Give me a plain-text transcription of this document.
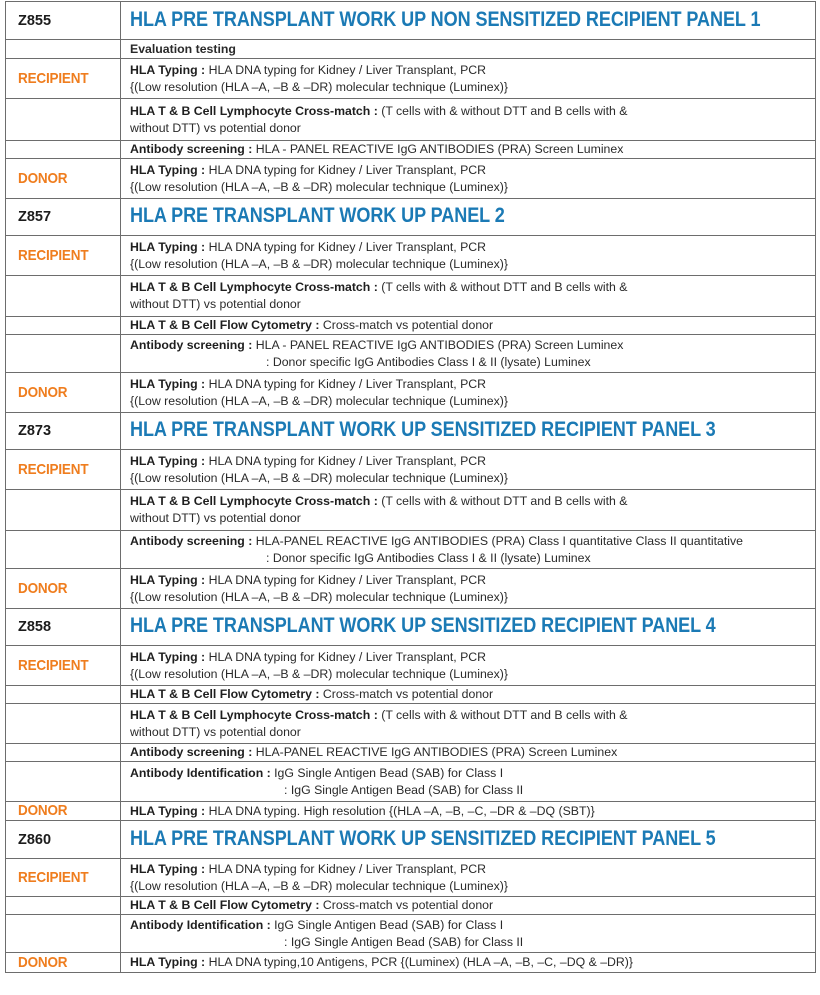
Z855	HLA PRE TRANSPLANT WORK UP NON SENSITIZED RECIPIENT PANEL 1
	Evaluation testing
RECIPIENT	HLA Typing : HLA DNA typing for Kidney / Liver Transplant, PCR
{(Low resolution (HLA –A, –B & –DR) molecular technique (Luminex)}

	HLA T & B Cell Lymphocyte Cross-match : (T cells with & without DTT and B cells with &
without DTT) vs potential donor

	Antibody screening : HLA - PANEL REACTIVE IgG ANTIBODIES (PRA) Screen Luminex
DONOR	HLA Typing : HLA DNA typing for Kidney / Liver Transplant, PCR
{(Low resolution (HLA –A, –B & –DR) molecular technique (Luminex)}

Z857	HLA PRE TRANSPLANT WORK UP PANEL 2
RECIPIENT	HLA Typing : HLA DNA typing for Kidney / Liver Transplant, PCR
{(Low resolution (HLA –A, –B & –DR) molecular technique (Luminex)}

	HLA T & B Cell Lymphocyte Cross-match : (T cells with & without DTT and B cells with &
without DTT) vs potential donor

	HLA T & B Cell Flow Cytometry : Cross-match vs potential donor
	Antibody screening : HLA - PANEL REACTIVE IgG ANTIBODIES (PRA) Screen Luminex
: Donor specific IgG Antibodies Class I & II (lysate) Luminex

DONOR	HLA Typing : HLA DNA typing for Kidney / Liver Transplant, PCR
{(Low resolution (HLA –A, –B & –DR) molecular technique (Luminex)}

Z873	HLA PRE TRANSPLANT WORK UP SENSITIZED RECIPIENT PANEL 3
RECIPIENT	HLA Typing : HLA DNA typing for Kidney / Liver Transplant, PCR
{(Low resolution (HLA –A, –B & –DR) molecular technique (Luminex)}

	HLA T & B Cell Lymphocyte Cross-match : (T cells with & without DTT and B cells with &
without DTT) vs potential donor

	Antibody screening : HLA-PANEL REACTIVE IgG ANTIBODIES (PRA) Class I quantitative Class II quantitative
: Donor specific IgG Antibodies Class I & II (lysate) Luminex

DONOR	HLA Typing : HLA DNA typing for Kidney / Liver Transplant, PCR
{(Low resolution (HLA –A, –B & –DR) molecular technique (Luminex)}

Z858	HLA PRE TRANSPLANT WORK UP SENSITIZED RECIPIENT PANEL 4
RECIPIENT	HLA Typing : HLA DNA typing for Kidney / Liver Transplant, PCR
{(Low resolution (HLA –A, –B & –DR) molecular technique (Luminex)}

	HLA T & B Cell Flow Cytometry : Cross-match vs potential donor
	HLA T & B Cell Lymphocyte Cross-match : (T cells with & without DTT and B cells with &
without DTT) vs potential donor

	Antibody screening : HLA-PANEL REACTIVE IgG ANTIBODIES (PRA) Screen Luminex
	Antibody Identification : IgG Single Antigen Bead (SAB) for Class I
: IgG Single Antigen Bead (SAB) for Class II

DONOR	HLA Typing : HLA DNA typing. High resolution {(HLA –A, –B, –C, –DR & –DQ (SBT)}
Z860	HLA PRE TRANSPLANT WORK UP SENSITIZED RECIPIENT PANEL 5
RECIPIENT	HLA Typing : HLA DNA typing for Kidney / Liver Transplant, PCR
{(Low resolution (HLA –A, –B & –DR) molecular technique (Luminex)}

	HLA T & B Cell Flow Cytometry : Cross-match vs potential donor
	Antibody Identification : IgG Single Antigen Bead (SAB) for Class I
: IgG Single Antigen Bead (SAB) for Class II

DONOR	HLA Typing : HLA DNA typing,10 Antigens, PCR {(Luminex) (HLA –A, –B, –C, –DQ & –DR)}
